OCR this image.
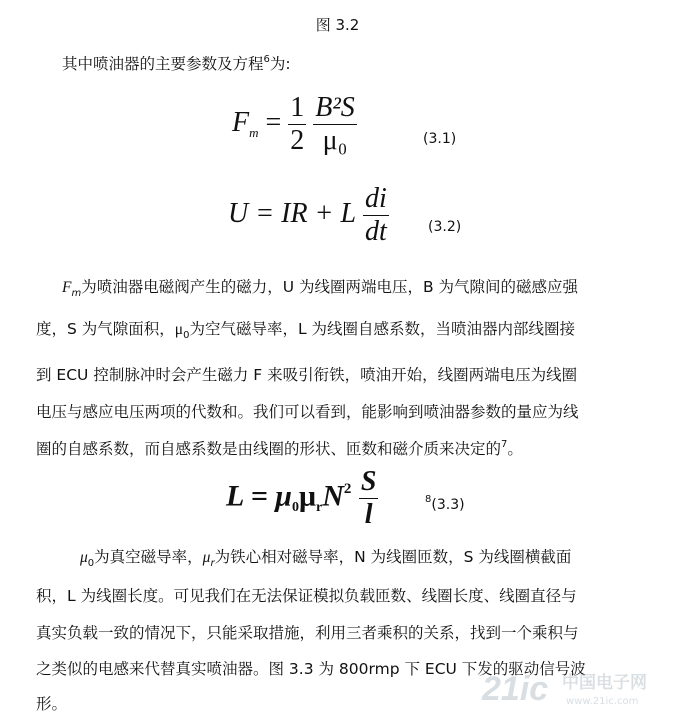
图 3.2
其中喷油器的主要参数及方程$^6$为:
$F_m = \frac{1}{2}$
$\frac{\text{B²S}}{\text{μ₀}}$	(3.1)
U = IR + L $\frac{di}{dt}$	(3.2)
$F_m$为喷油器电磁阀产生的磁力，U 为线圈两端电压，B 为气隙间的磁感应强
度，S 为气隙面积，$\mu_0$为空气磁导率，L 为线圈自感系数，当喷油器内部线圈接
到 ECU 控制脉冲时会产生磁力 F 来吸引衔铁，喷油开始，线圈两端电压为线圈
电压与感应电压两项的代数和。我们可以看到，能影响到喷油器参数的量应为线
圈的自感系数，而自感系数是由线圈的形状、匝数和磁介质来决定的$^7$。
$L = \mu_0\mu_rN^2 \frac{S}{l}$	$^8$(3.3)
$\mu_0$为真空磁导率，$\mu_r$为铁心相对磁导率，N 为线圈匝数，S 为线圈横截面
积，L 为线圈长度。可见我们在无法保证模拟负载匝数、线圈长度、线圈直径与
真实负载一致的情况下，只能采取措施，利用三者乘积的关系，找到一个乘积与
之类似的电感来代替真实喷油器。图 3.3 为 800rmp 下 ECU 下发的驱动信号波
形。	21ic 中国电子网
www.21ic.com
